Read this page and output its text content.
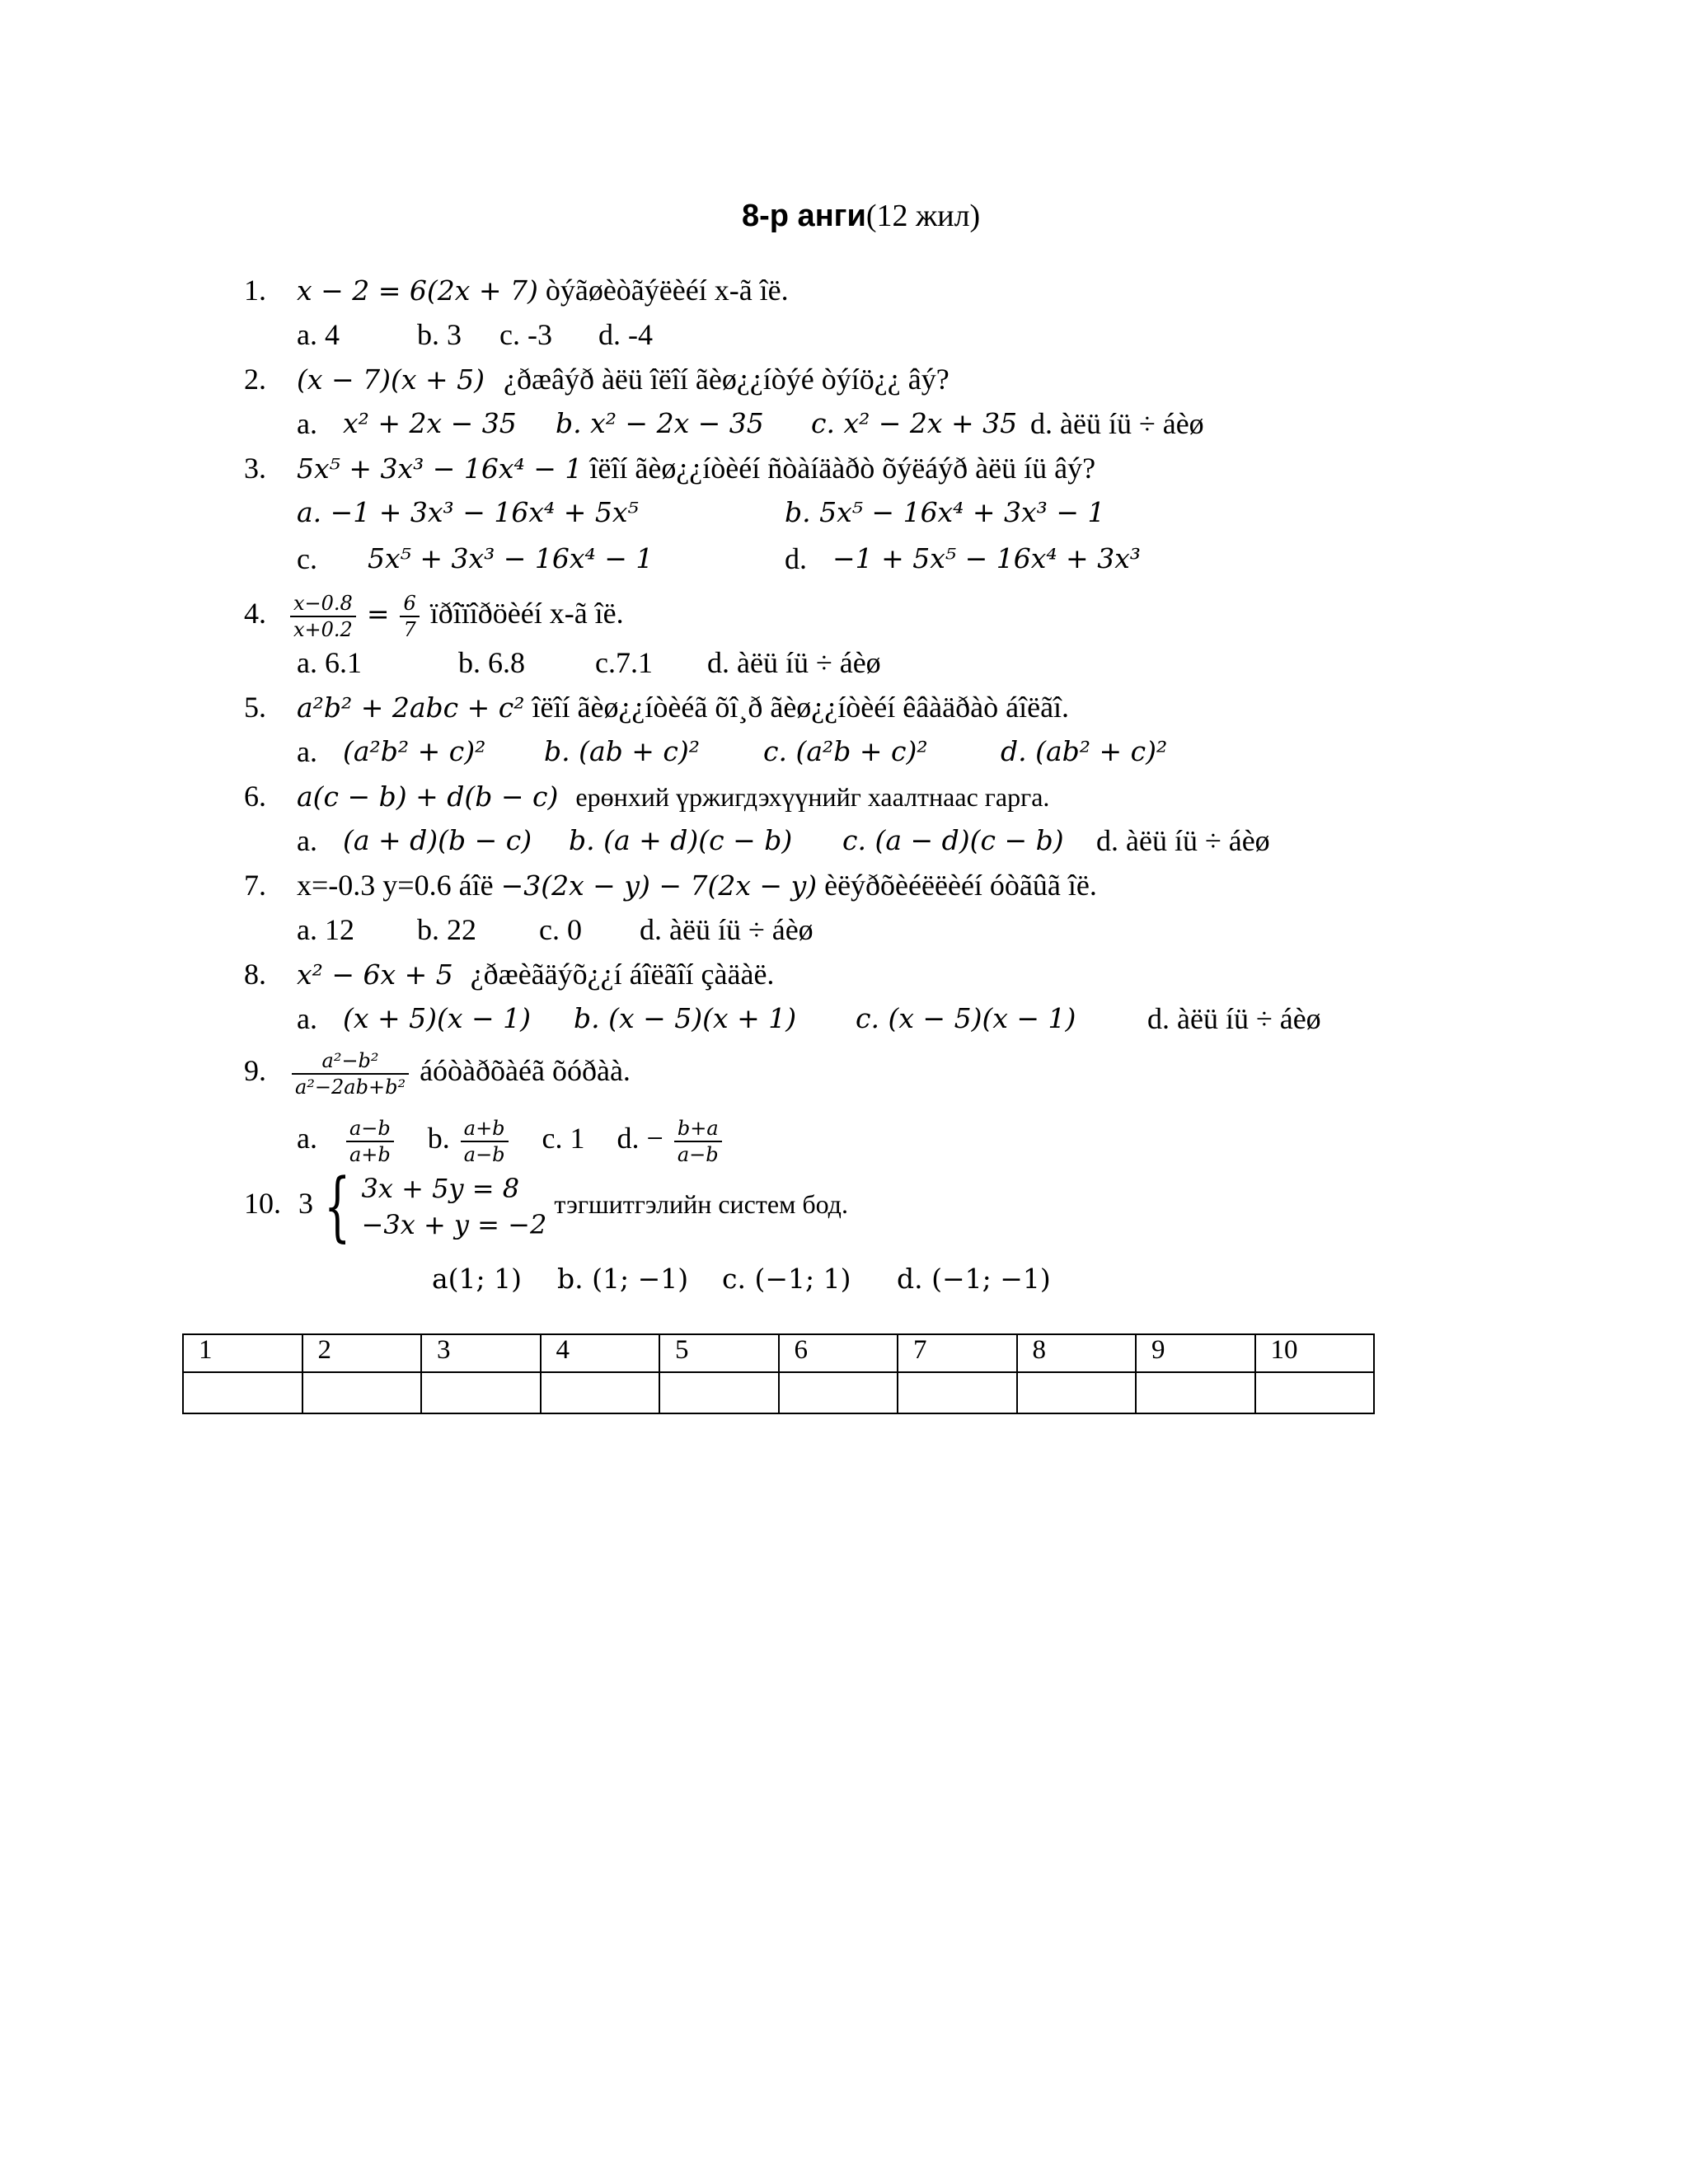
8-р анги(12 жил)
1. x − 2 = 6(2x + 7) òýãøèòãýëèéí x-ã îë.
a. 4	b. 3 c. -3 d. -4
2. (x − 7)(x + 5) ¿ðæâýð àëü îëîí ãèø¿¿íòýé òýíö¿¿ âý?
a. x² + 2x − 35 b. x² − 2x − 35 c. x² − 2x + 35 d. àëü íü ÷ áèø
3. 5x⁵ + 3x³ − 16x⁴ − 1 îëîí ãèø¿¿íòèéí ñòàíäàðò õýëáýð àëü íü âý?
a. −1 + 3x³ − 16x⁴ + 5x⁵	b. 5x⁵ − 16x⁴ + 3x³ − 1
c. 5x⁵ + 3x³ − 16x⁴ − 1	d. −1 + 5x⁵ − 16x⁴ + 3x³
4. $\frac{x-0.8}{x+0.2} = \frac{6}{7}$ ïðîïîðöèéí x-ã îë.
a. 6.1	b. 6.8 c.7.1 d. àëü íü ÷ áèø
5. a²b² + 2abc + c² îëîí ãèø¿¿íòèéã õî¸ð ãèø¿¿íòèéí êâàäðàò áîëãî.
a. (a²b² + c)² b. (ab + c)² c. (a²b + c)²	d. (ab² + c)²
6. a(c − b) + d(b − c) ерөнхий үржигдэхүүнийг хаалтнаас гарга.
a. (a + d)(b − c) b. (a + d)(c − b) c. (a − d)(c − b) d. àëü íü ÷ áèø
7. x=-0.3 y=0.6 áîë −3(2x − y) − 7(2x − y) èëýðõèéëëèéí óòãûã îë.
a. 12 b. 22 c. 0 d. àëü íü ÷ áèø
8. x² − 6x + 5 ¿ðæèãäýõ¿¿í áîëãîí çàäàë.
a. (x + 5)(x − 1) b. (x − 5)(x + 1) c. (x − 5)(x − 1) d. àëü íü ÷ áèø
9. $\frac{\text{a²−b²}}{\text{a²−2ab+b²}}$ áóòàðõàéã õóðàà.
a. $\frac{a-b}{a+b} b$. $\frac{a+b}{a-b} c$. 1 d. − $\frac{b+a}{a-b}$
10. 3 { 3x + 5y = 8
−3x + y = −2
тэгшитгэлийн систем бод.
a(1; 1) b. (1; −1) c. (−1; 1) d. (−1; −1)
1	2	3	4	5	6	7	8	9	10
